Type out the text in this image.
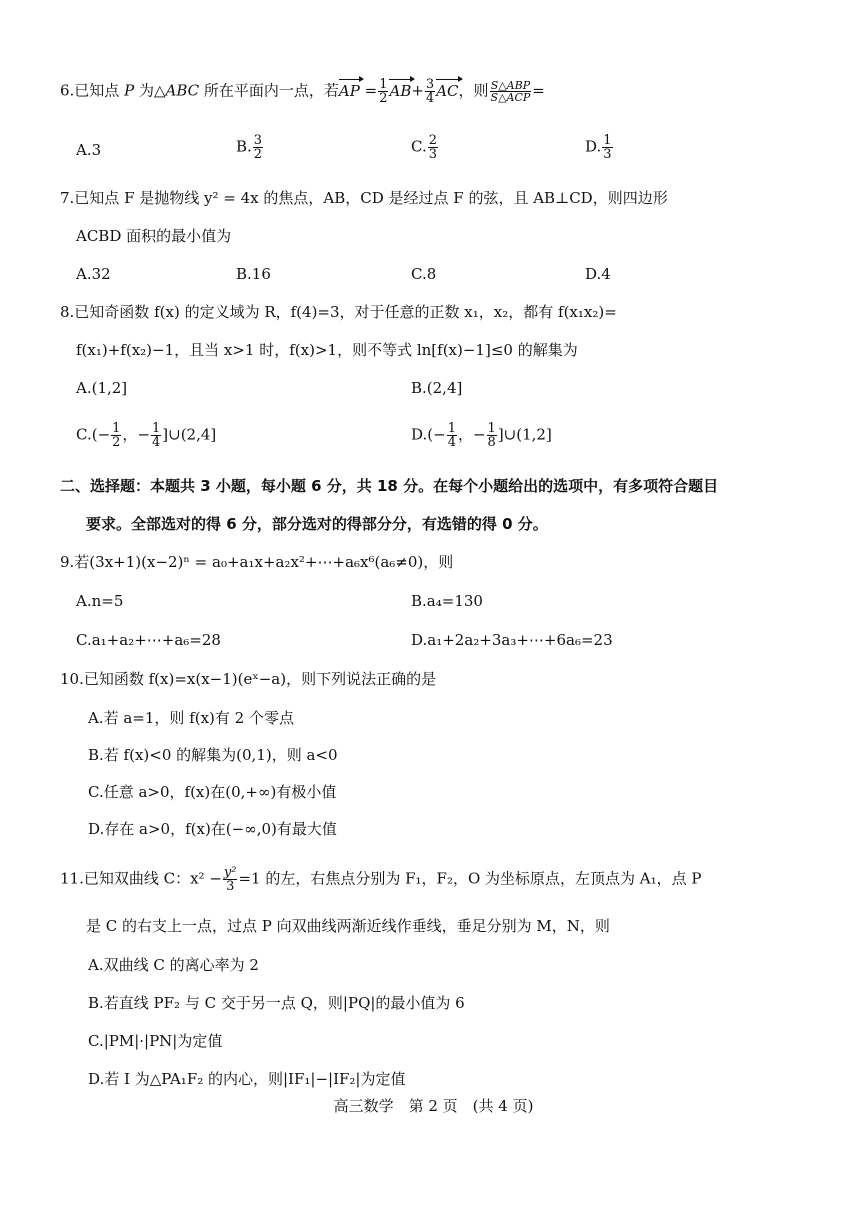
6.已知点 P 为△ABC 所在平面内一点，若AP = $\frac{1}{2} AB+ \frac{3}{4}$ AC，则 $\frac{\text{S△ABP}}{\text{S△ACP}}$ =
A.3	B. $\frac{3}{2}$	C. $\frac{2}{3}$	D. $\frac{1}{3}$
7.已知点 F 是抛物线 y² = 4x 的焦点，AB，CD 是经过点 F 的弦，且 AB⊥CD，则四边形
ACBD 面积的最小值为
A.32	B.16	C.8	D.4
8.已知奇函数 f(x) 的定义域为 R，f(4)=3，对于任意的正数 x₁，x₂，都有 f(x₁x₂)=
f(x₁)+f(x₂)−1，且当 x>1 时，f(x)>1，则不等式 ln[f(x)−1]≤0 的解集为
A.(1,2]	B.(2,4]
$C.(- \frac{1}{2}$ ，− $\frac{1}{4}$ ]∪(2,4]	$D.(- \frac{1}{4}$ ，− $\frac{1}{8}$ ]∪(1,2]
二、选择题：本题共 3 小题，每小题 6 分，共 18 分。在每个小题给出的选项中，有多项符合题目
要求。全部选对的得 6 分，部分选对的得部分分，有选错的得 0 分。
9.若(3x+1)(x−2)ⁿ = a₀+a₁x+a₂x²+⋯+a₆x⁶(a₆≠0)，则
A.n=5	B.a₄=130
C.a₁+a₂+⋯+a₆=28	D.a₁+2a₂+3a₃+⋯+6a₆=23
10.已知函数 f(x)=x(x−1)(eˣ−a)，则下列说法正确的是
A.若 a=1，则 f(x)有 2 个零点
B.若 f(x)<0 的解集为(0,1)，则 a<0
C.任意 a>0，f(x)在(0,+∞)有极小值
D.存在 a>0，f(x)在(−∞,0)有最大值
11.已知双曲线 C：$x^2 - \frac{\text{y²}}{3} =1$ 的左，右焦点分别为 F₁，F₂，O 为坐标原点，左顶点为 A₁，点 P
是 C 的右支上一点，过点 P 向双曲线两渐近线作垂线，垂足分别为 M，N，则
A.双曲线 C 的离心率为 2
B.若直线 PF₂ 与 C 交于另一点 Q，则|PQ|的最小值为 6
C.|PM|·|PN|为定值
D.若 I 为△PA₁F₂ 的内心，则|IF₁|−|IF₂|为定值
高三数学　第 2 页　(共 4 页)
